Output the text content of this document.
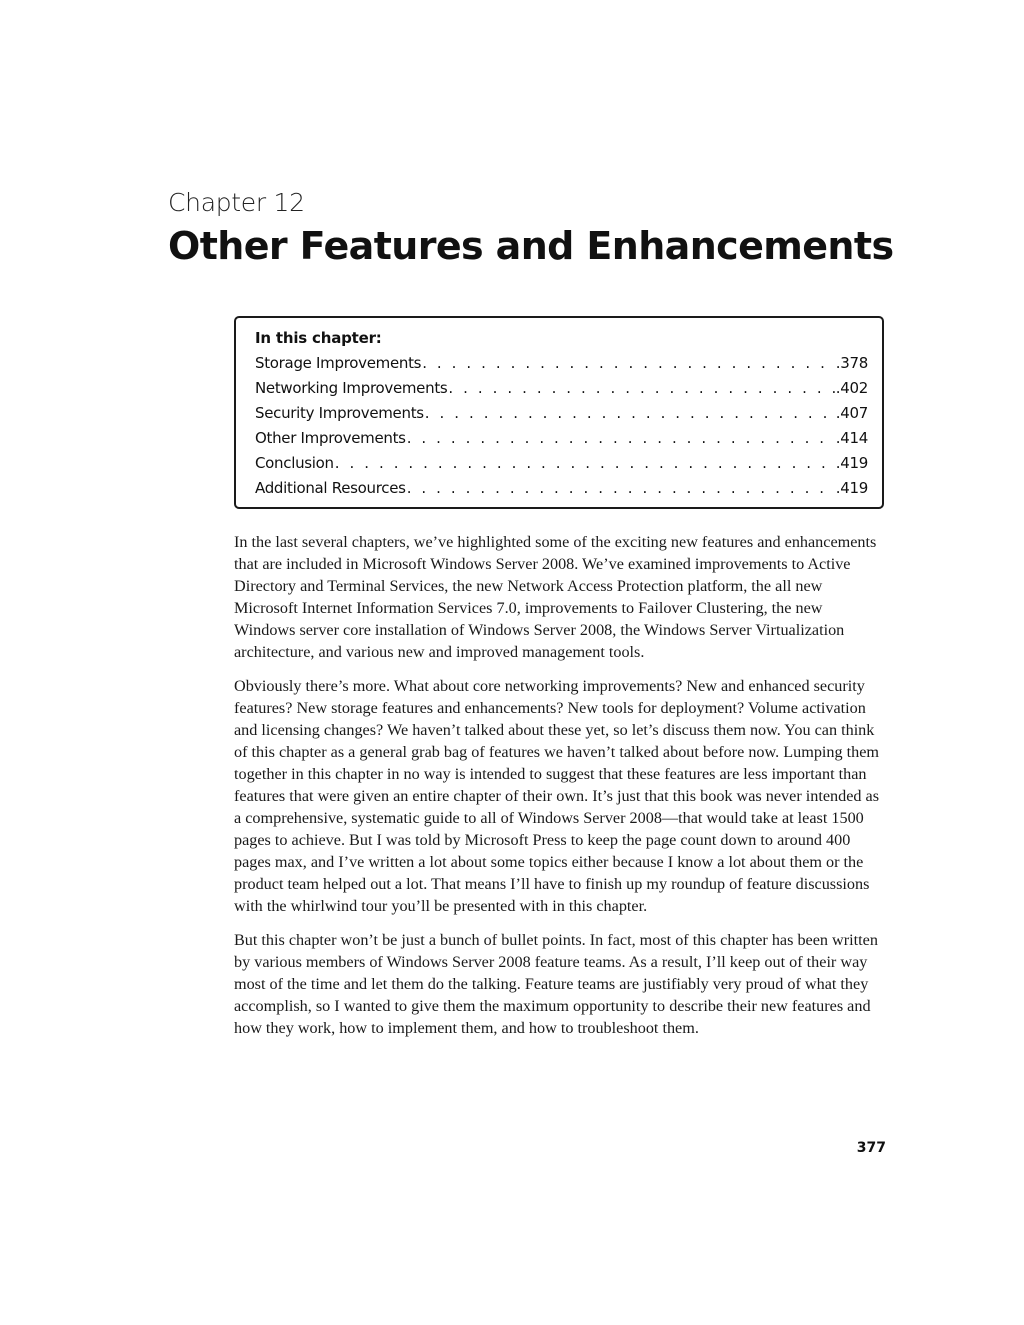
Chapter 12
Other Features and Enhancements
In this chapter:
Storage Improvements . . .	.378
Networking Improvements . . .	.402
Security Improvements . . .	.407
Other Improvements . . .	.414
Conclusion . . .	.419
Additional Resources . . .	.419

In the last several chapters, we’ve highlighted some of the exciting new features and enhancements that are included in Microsoft Windows Server 2008. We’ve examined improvements to Active Directory and Terminal Services, the new Network Access Protection platform, the all new Microsoft Internet Information Services 7.0, improvements to Failover Clustering, the new Windows server core installation of Windows Server 2008, the Windows Server Virtualization architecture, and various new and improved management tools.

Obviously there’s more. What about core networking improvements? New and enhanced security features? New storage features and enhancements? New tools for deployment? Volume activation and licensing changes? We haven’t talked about these yet, so let’s discuss them now. You can think of this chapter as a general grab bag of features we haven’t talked about before now. Lumping them together in this chapter in no way is intended to suggest that these features are less important than features that were given an entire chapter of their own. It’s just that this book was never intended as a comprehensive, systematic guide to all of Windows Server 2008—that would take at least 1500 pages to achieve. But I was told by Microsoft Press to keep the page count down to around 400 pages max, and I’ve written a lot about some topics either because I know a lot about them or the product team helped out a lot. That means I’ll have to finish up my roundup of feature discussions with the whirlwind tour you’ll be presented with in this chapter.

But this chapter won’t be just a bunch of bullet points. In fact, most of this chapter has been written by various members of Windows Server 2008 feature teams. As a result, I’ll keep out of their way most of the time and let them do the talking. Feature teams are justifiably very proud of what they accomplish, so I wanted to give them the maximum opportunity to describe their new features and how they work, how to implement them, and how to troubleshoot them.

377
